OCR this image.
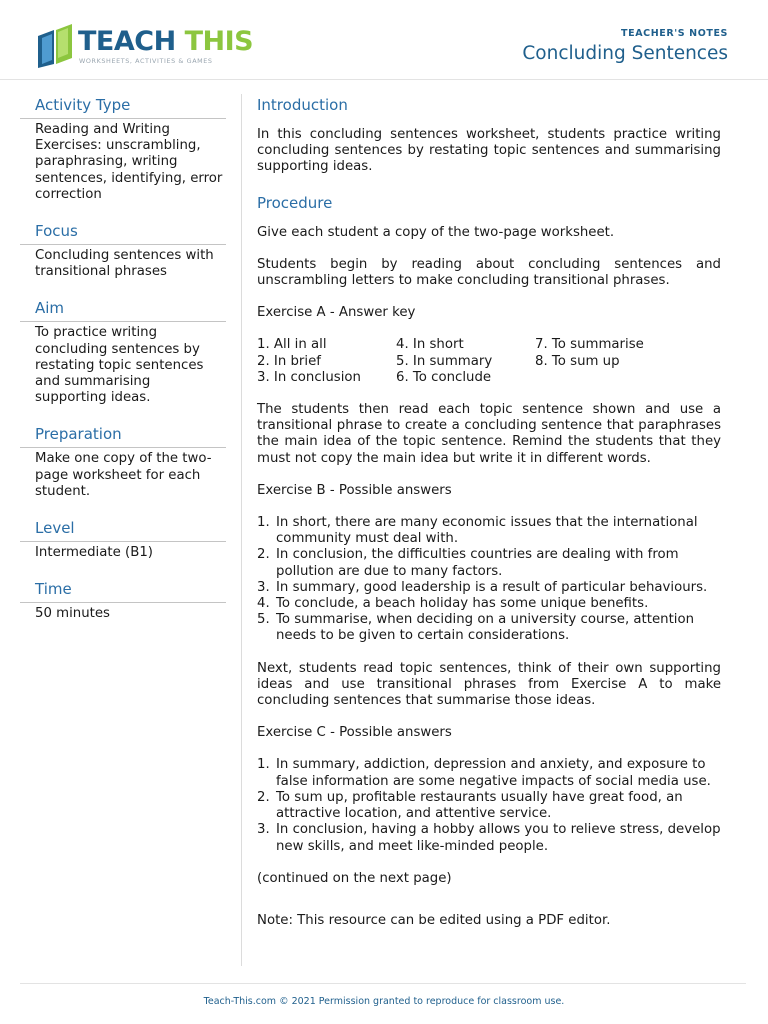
TEACH THIS
WORKSHEETS, ACTIVITIES & GAMES
TEACHER'S NOTES
Concluding Sentences
Activity Type
Reading and Writing Exercises: unscrambling, paraphrasing, writing sentences, identifying, error correction
Focus
Concluding sentences with transitional phrases
Aim
To practice writing concluding sentences by restating topic sentences and summarising supporting ideas.
Preparation
Make one copy of the two-page worksheet for each student.
Level
Intermediate (B1)
Time
50 minutes
Introduction

In this concluding sentences worksheet, students practice writing concluding sentences by restating topic sentences and summarising supporting ideas.

Procedure

Give each student a copy of the two-page worksheet.

Students begin by reading about concluding sentences and unscrambling letters to make concluding transitional phrases.

Exercise A - Answer key

1. All in all	4. In short	7. To summarise
2. In brief	5. In summary	8. To sum up
3. In conclusion	6. To conclude

The students then read each topic sentence shown and use a transitional phrase to create a concluding sentence that paraphrases the main idea of the topic sentence. Remind the students that they must not copy the main idea but write it in different words.

Exercise B - Possible answers

1. In short, there are many economic issues that the international community must deal with.
2. In conclusion, the difficulties countries are dealing with from pollution are due to many factors.
3. In summary, good leadership is a result of particular behaviours.
4. To conclude, a beach holiday has some unique benefits.
5. To summarise, when deciding on a university course, attention needs to be given to certain considerations.

Next, students read topic sentences, think of their own supporting ideas and use transitional phrases from Exercise A to make concluding sentences that summarise those ideas.

Exercise C - Possible answers

1. In summary, addiction, depression and anxiety, and exposure to false information are some negative impacts of social media use.
2. To sum up, profitable restaurants usually have great food, an attractive location, and attentive service.
3. In conclusion, having a hobby allows you to relieve stress, develop new skills, and meet like-minded people.

(continued on the next page)

Note: This resource can be edited using a PDF editor.

Teach-This.com © 2021 Permission granted to reproduce for classroom use.
